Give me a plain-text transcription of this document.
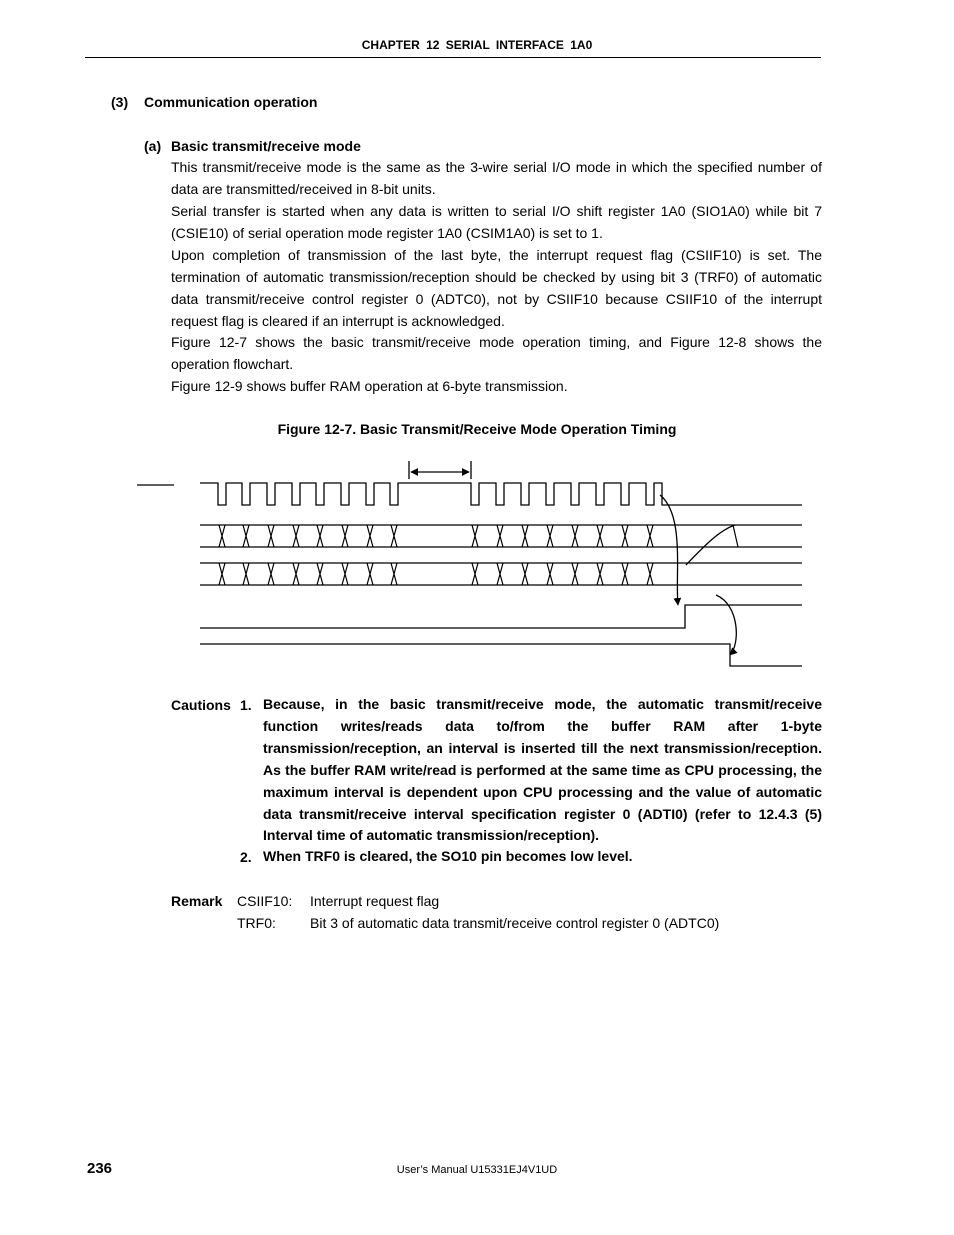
CHAPTER 12 SERIAL INTERFACE 1A0
(3) Communication operation
(a) Basic transmit/receive mode
This transmit/receive mode is the same as the 3-wire serial I/O mode in which the specified number of data are transmitted/received in 8-bit units.
Serial transfer is started when any data is written to serial I/O shift register 1A0 (SIO1A0) while bit 7 (CSIE10) of serial operation mode register 1A0 (CSIM1A0) is set to 1.
Upon completion of transmission of the last byte, the interrupt request flag (CSIIF10) is set. The termination of automatic transmission/reception should be checked by using bit 3 (TRF0) of automatic data transmit/receive control register 0 (ADTC0), not by CSIIF10 because CSIIF10 of the interrupt request flag is cleared if an interrupt is acknowledged.
Figure 12-7 shows the basic transmit/receive mode operation timing, and Figure 12-8 shows the operation flowchart.
Figure 12-9 shows buffer RAM operation at 6-byte transmission.
Figure 12-7. Basic Transmit/Receive Mode Operation Timing
Cautions 1. Because, in the basic transmit/receive mode, the automatic transmit/receive function writes/reads data to/from the buffer RAM after 1-byte transmission/reception, an interval is inserted till the next transmission/reception. As the buffer RAM write/read is performed at the same time as CPU processing, the maximum interval is dependent upon CPU processing and the value of automatic data transmit/receive interval specification register 0 (ADTI0) (refer to 12.4.3 (5) Interval time of automatic transmission/reception).
2. When TRF0 is cleared, the SO10 pin becomes low level.
Remark CSIIF10: Interrupt request flag
TRF0: Bit 3 of automatic data transmit/receive control register 0 (ADTC0)
236	User’s Manual U15331EJ4V1UD
